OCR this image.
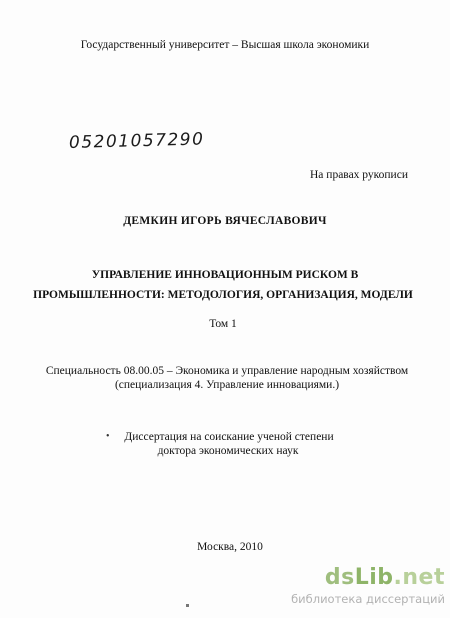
Государственный университет – Высшая школа экономики
05201057290
На правах рукописи
ДЕМКИН ИГОРЬ ВЯЧЕСЛАВОВИЧ
УПРАВЛЕНИЕ ИННОВАЦИОННЫМ РИСКОМ В
ПРОМЫШЛЕННОСТИ: МЕТОДОЛОГИЯ, ОРГАНИЗАЦИЯ, МОДЕЛИ
Том 1
Специальность 08.00.05 – Экономика и управление народным хозяйством
(специализация 4. Управление инновациями.)
•	Диссертация на соискание ученой степени
доктора экономических наук
Москва, 2010
dsLib.net
библиотека диссертаций
